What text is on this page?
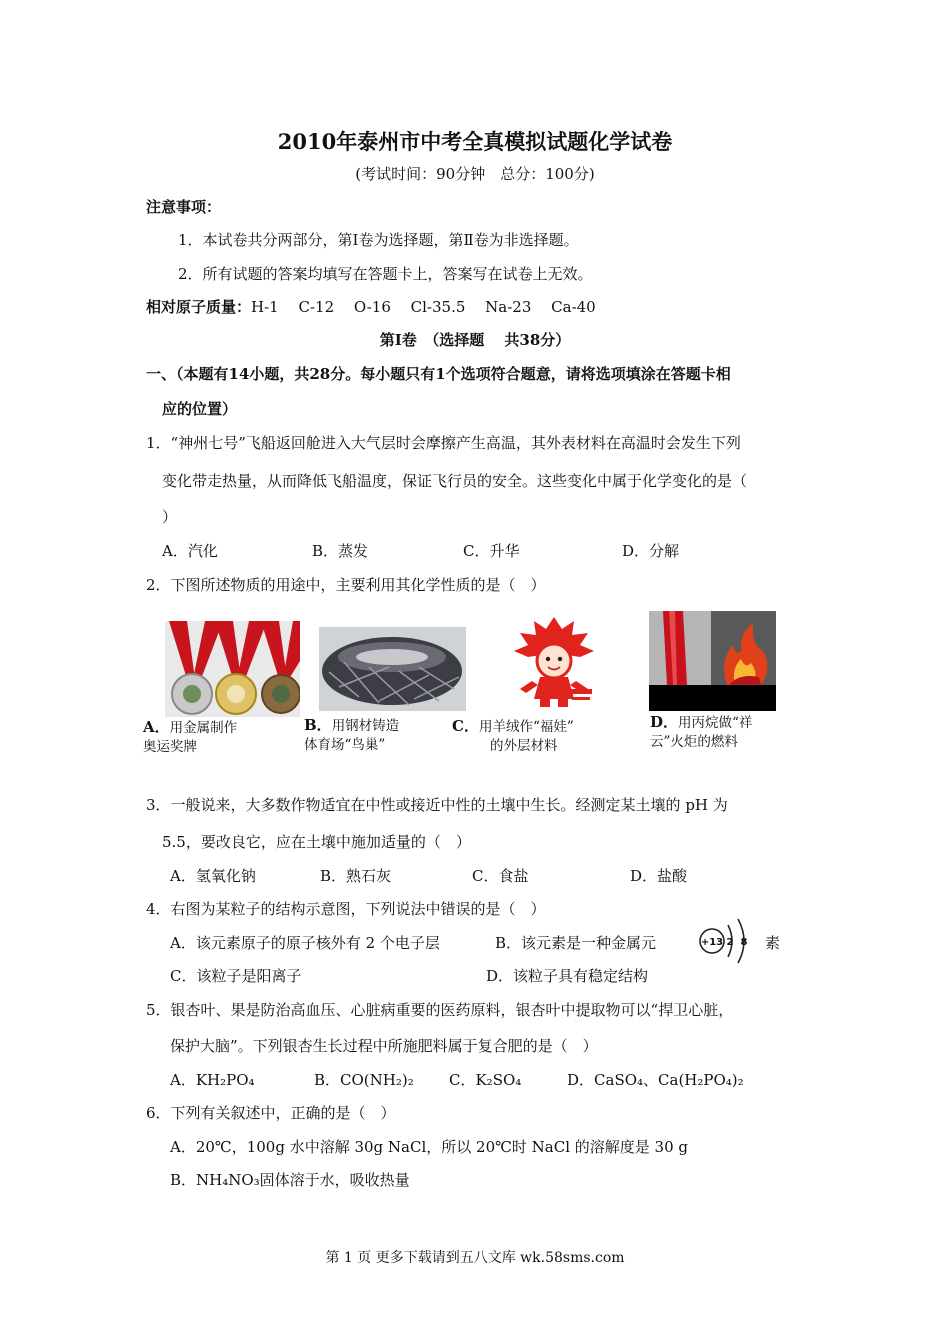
2010年泰州市中考全真模拟试题化学试卷
(考试时间：90分钟　总分：100分)
注意事项：
1．本试卷共分两部分，第Ⅰ卷为选择题，第Ⅱ卷为非选择题。
2．所有试题的答案均填写在答题卡上，答案写在试卷上无效。
相对原子质量：H-1　 C-12　 O-16　 Cl-35.5　 Na-23　 Ca-40
第Ⅰ卷　（选择题　 共38分）
一、（本题有14小题，共28分。每小题只有1个选项符合题意，请将选项填涂在答题卡相
应的位置）
1．“神州七号”飞船返回舱进入大气层时会摩擦产生高温，其外表材料在高温时会发生下列
变化带走热量，从而降低飞船温度，保证飞行员的安全。这些变化中属于化学变化的是（
）
A．汽化	B．蒸发	C．升华	D．分解
2．下图所述物质的用途中，主要利用其化学性质的是（　）
A．用金属制作
奥运奖牌
B．用钢材铸造
体育场“鸟巢”
C．用羊绒作“福娃”
的外层材料
D．用丙烷做“祥
云”火炬的燃料
3．一般说来，大多数作物适宜在中性或接近中性的土壤中生长。经测定某土壤的 pH 为
5.5，要改良它，应在土壤中施加适量的（　）
A．氢氧化钠	B．熟石灰	C．食盐	D．盐酸
4．右图为某粒子的结构示意图，下列说法中错误的是（　）
A．该元素原子的原子核外有 2 个电子层	B．该元素是一种金属元	素
C．该粒子是阳离子	D．该粒子具有稳定结构
+13 2 8
5．银杏叶、果是防治高血压、心脏病重要的医药原料，银杏叶中提取物可以“捍卫心脏，
保护大脑”。下列银杏生长过程中所施肥料属于复合肥的是（　）
A．KH₂PO₄	B．CO(NH₂)₂ C．K₂SO₄	D．CaSO₄、Ca(H₂PO₄)₂
6．下列有关叙述中，正确的是（　）
A．20℃，100g 水中溶解 30g NaCl，所以 20℃时 NaCl 的溶解度是 30 g
B．NH₄NO₃固体溶于水，吸收热量
第 1 页 更多下载请到五八文库 wk.58sms.com
